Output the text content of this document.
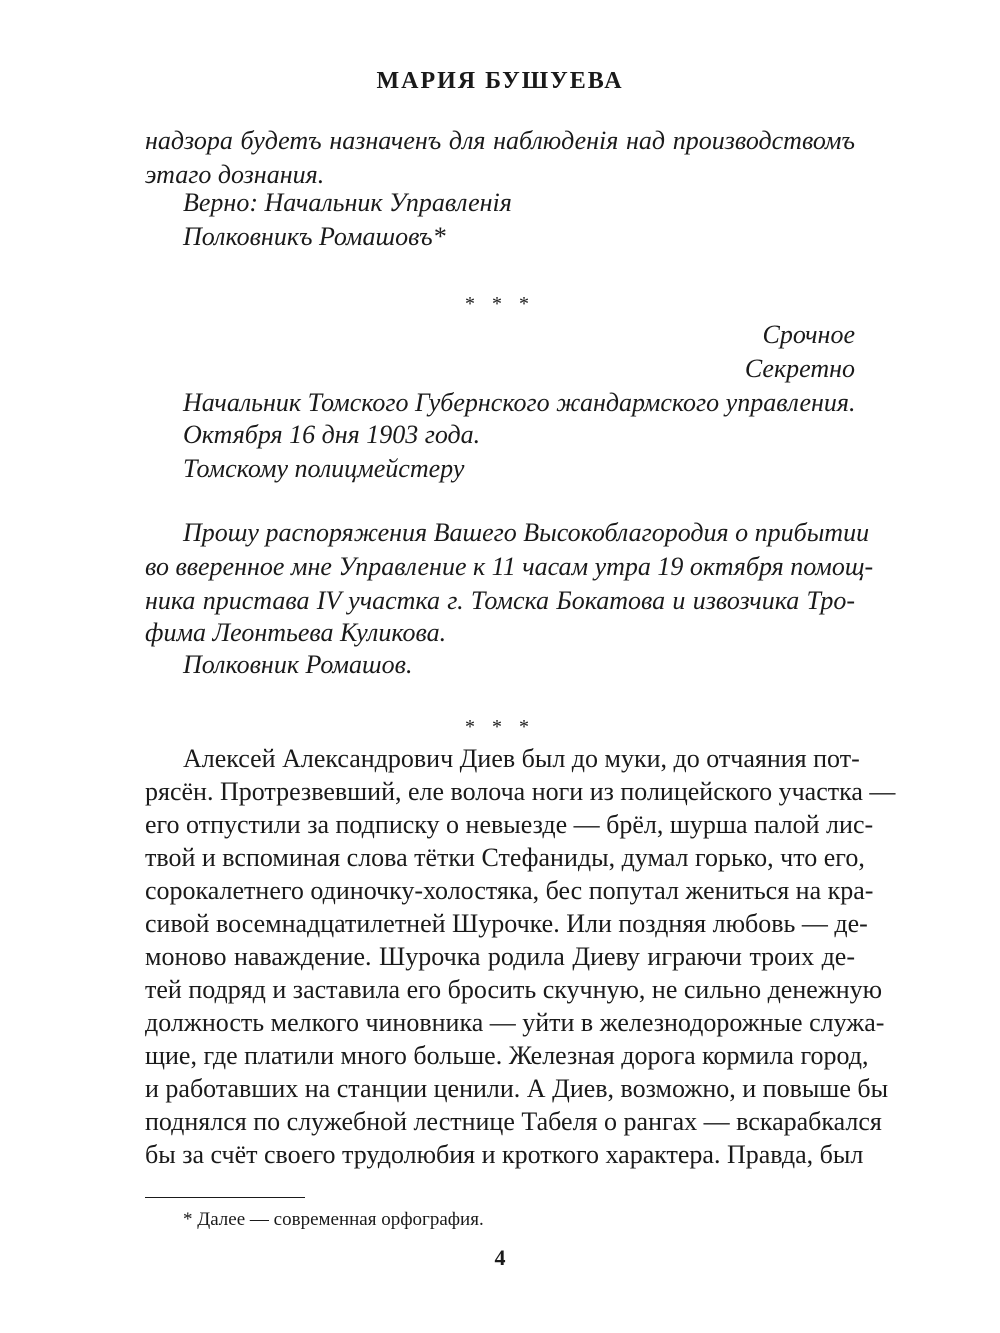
МАРИЯ БУШУЕВА
надзора будетъ назначенъ для наблюденія над производствомъ
этаго дознания.
Верно: Начальник Управленія
Полковникъ Ромашовъ*
* * *
Срочное
Секретно
Начальник Томского Губернского жандармского управления.
Октября 16 дня 1903 года.
Томскому полицмейстеру
Прошу распоряжения Вашего Высокоблагородия о прибытии
во вверенное мне Управление к 11 часам утра 19 октября помощ-
ника пристава IV участка г. Томска Бокатова и извозчика Тро-
фима Леонтьева Куликова.
Полковник Ромашов.
* * *
Алексей Александрович Диев был до муки, до отчаяния пот-
рясён. Протрезвевший, еле волоча ноги из полицейского участка —
его отпустили за подписку о невыезде — брёл, шурша палой лис-
твой и вспоминая слова тётки Стефаниды, думал горько, что его,
сорокалетнего одиночку-холостяка, бес попутал жениться на кра-
сивой восемнадцатилетней Шурочке. Или поздняя любовь — де-
моново наваждение. Шурочка родила Диеву играючи троих де-
тей подряд и заставила его бросить скучную, не сильно денежную
должность мелкого чиновника — уйти в железнодорожные служа-
щие, где платили много больше. Железная дорога кормила город,
и работавших на станции ценили. А Диев, возможно, и повыше бы
поднялся по служебной лестнице Табеля о рангах — вскарабкался
бы за счёт своего трудолюбия и кроткого характера. Правда, был
* Далее — современная орфография.
4
